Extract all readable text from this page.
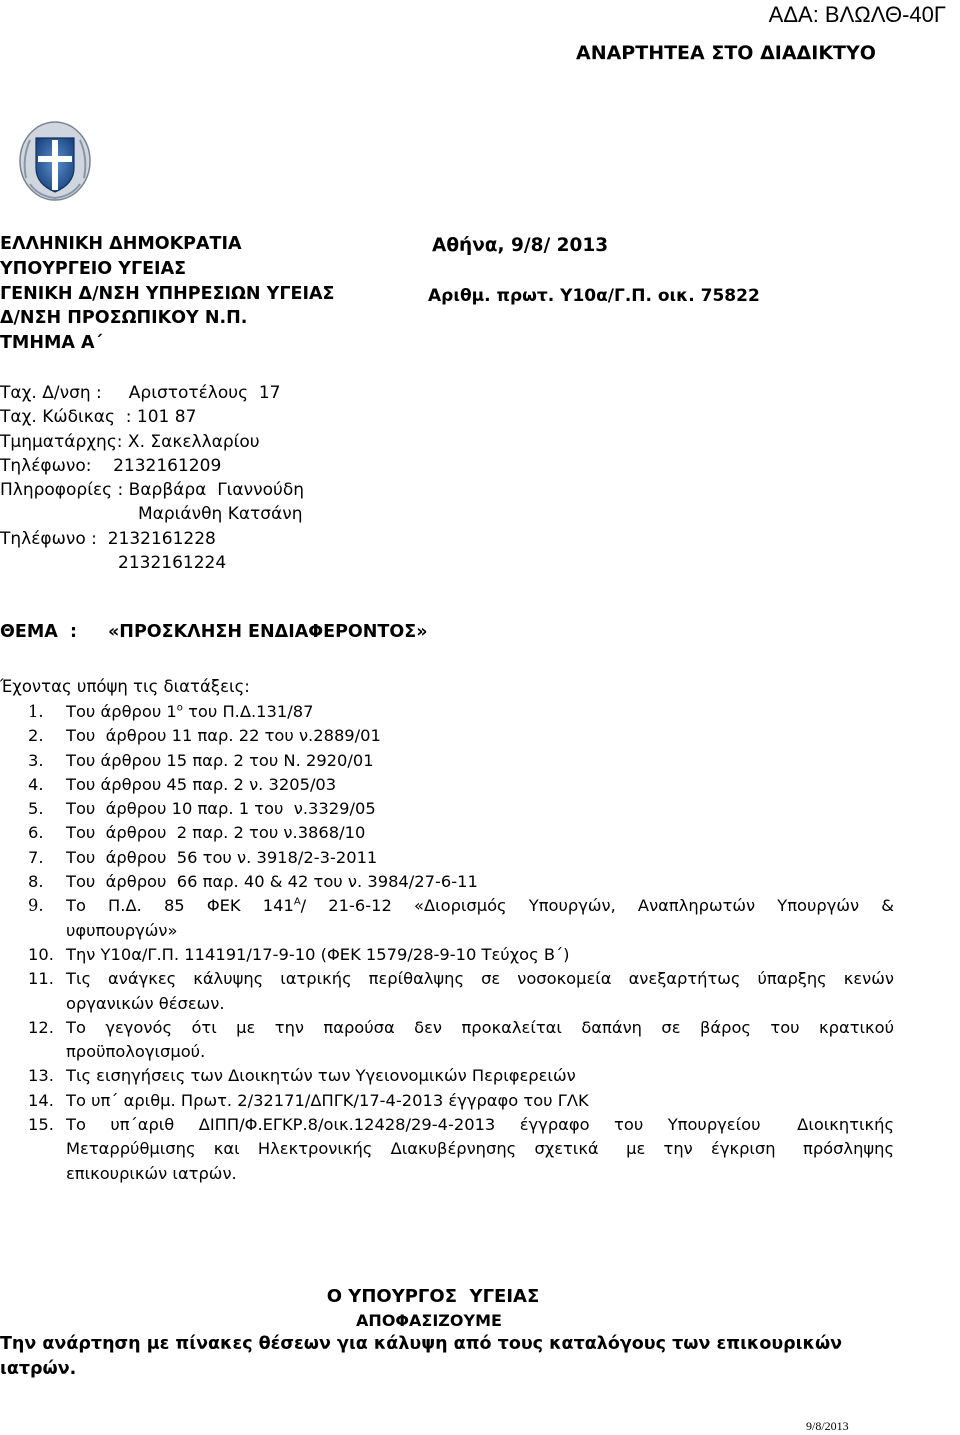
ΑΔΑ: ΒΛΩΛΘ-40Γ
ΑΝΑΡΤΗΤΕΑ ΣΤΟ ΔΙΑΔΙΚΤΥΟ
ΕΛΛΗΝΙΚΗ ΔΗΜΟΚΡΑΤΙΑ
ΥΠΟΥΡΓΕΙΟ ΥΓΕΙΑΣ
ΓΕΝΙΚΗ Δ/ΝΣΗ ΥΠΗΡΕΣΙΩΝ ΥΓΕΙΑΣ
Δ/ΝΣΗ ΠΡΟΣΩΠΙΚΟΥ Ν.Π.
ΤΜΗΜΑ Α΄
Αθήνα, 9/8/ 2013
Αριθμ. πρωτ. Υ10α/Γ.Π. οικ. 75822
Ταχ. Δ/νση :     Αριστοτέλους  17
Ταχ. Κώδικας  : 101 87
Τμηματάρχης: Χ. Σακελλαρίου
Τηλέφωνο:    2132161209
Πληροφορίες : Βαρβάρα  Γιαννούδη
Μαριάνθη Κατσάνη
Τηλέφωνο :  2132161228
2132161224
ΘΕΜΑ  : «ΠΡΟΣΚΛΗΣΗ ΕΝΔΙΑΦΕΡΟΝΤΟΣ»
Έχοντας υπόψη τις διατάξεις:
1. Του άρθρου $1^o$ του Π.Δ.131/87
2. Του  άρθρου 11 παρ. 22 του ν.2889/01
3. Του άρθρου 15 παρ. 2 του Ν. 2920/01
4. Του άρθρου 45 παρ. 2 ν. 3205/03
5. Του  άρθρου 10 παρ. 1 του  ν.3329/05
6. Του  άρθρου  2 παρ. 2 του ν.3868/10
7. Του  άρθρου  56 του ν. 3918/2-3-2011
8. Του  άρθρου  66 παρ. 40 & 42 του ν. 3984/27-6-11
9. Το  Π.Δ.  85  ΦΕΚ  $141^A/$  21-6-12  «Διορισμός  Υπουργών,  Αναπληρωτών  Υπουργών  &  υφυπουργών»
10. Την Υ10α/Γ.Π. 114191/17-9-10 (ΦΕΚ 1579/28-9-10 Τεύχος Β΄)
11. Τις  ανάγκες  κάλυψης  ιατρικής  περίθαλψης  σε  νοσοκομεία  ανεξαρτήτως  ύπαρξης  κενών οργανικών θέσεων.
12. Το  γεγονός  ότι  με  την  παρούσα  δεν  προκαλείται  δαπάνη  σε  βάρος  του  κρατικού προϋπολογισμού.
13. Τις εισηγήσεις των Διοικητών των Υγειονομικών Περιφερειών
14. Το υπ΄ αριθμ. Πρωτ. 2/32171/ΔΠΓΚ/17-4-2013 έγγραφο του ΓΛΚ
15. Το  υπ΄αριθ  ΔΙΠΠ/Φ.ΕΓΚΡ.8/οικ.12428/29-4-2013  έγγραφο  του  Υπουργείου   Διοικητικής Μεταρρύθμισης  και  Ηλεκτρονικής  Διακυβέρνησης  σχετικά   με  την  έγκριση   πρόσληψης επικουρικών ιατρών.
Ο ΥΠΟΥΡΓΟΣ  ΥΓΕΙΑΣ
ΑΠΟΦΑΣΙΖΟΥΜΕ
Την ανάρτηση με πίνακες θέσεων για κάλυψη από τους καταλόγους των επικουρικών ιατρών.
9/8/2013
